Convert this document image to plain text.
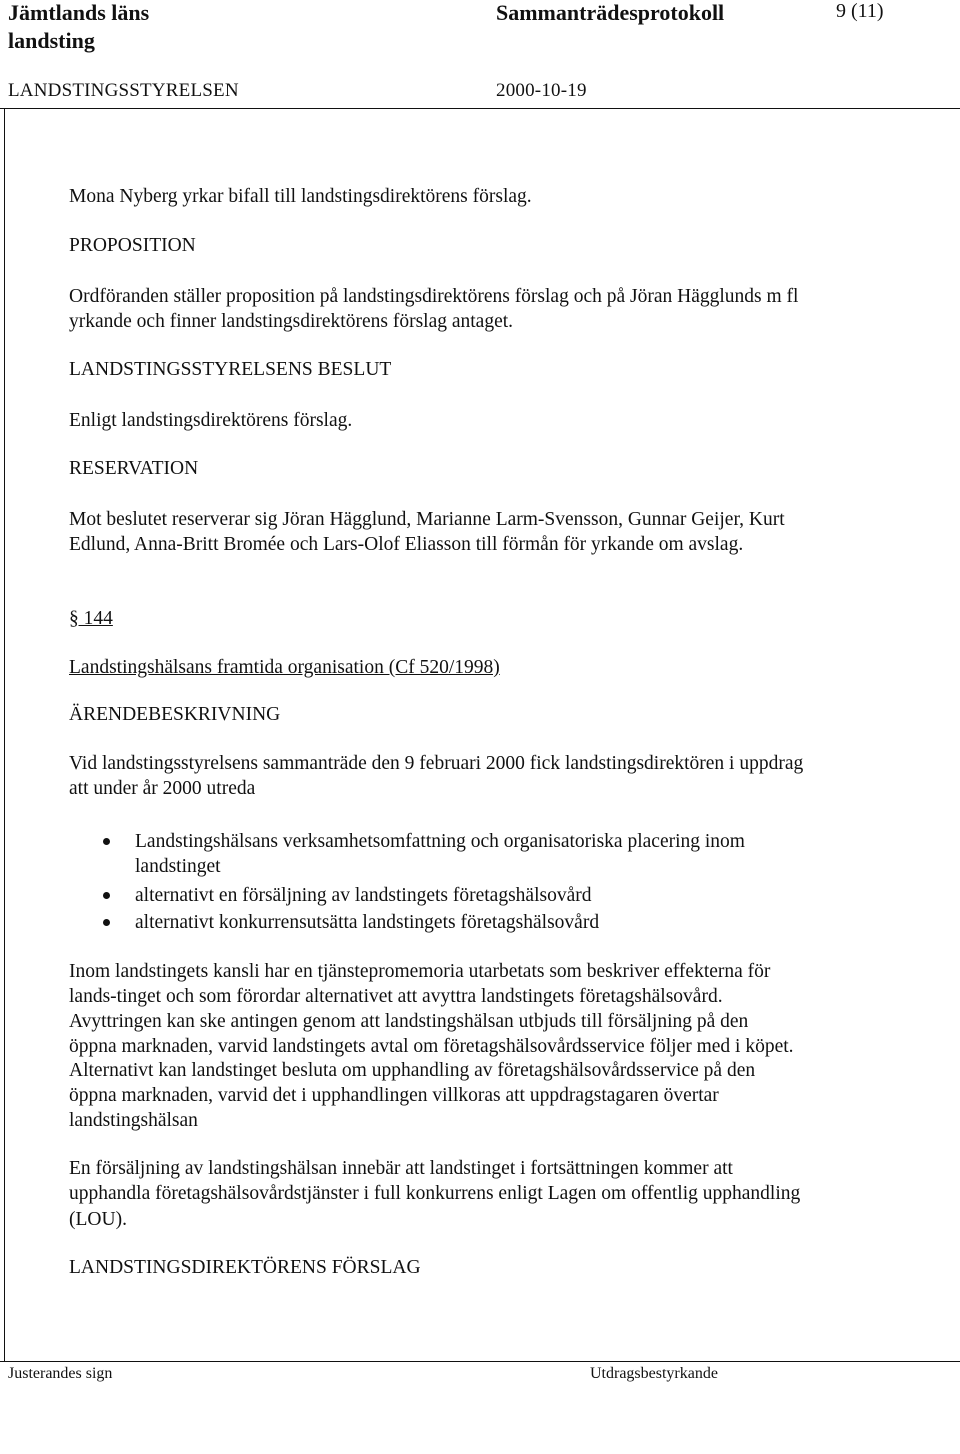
Jämtlands läns
landsting
Sammanträdesprotokoll	9 (11)
LANDSTINGSSTYRELSEN	2000-10-19
Mona Nyberg yrkar bifall till landstingsdirektörens förslag.
PROPOSITION
Ordföranden ställer proposition på landstingsdirektörens förslag och på Jöran Hägglunds m fl
yrkande och finner landstingsdirektörens förslag antaget.
LANDSTINGSSTYRELSENS BESLUT
Enligt landstingsdirektörens förslag.
RESERVATION
Mot beslutet reserverar sig Jöran Hägglund, Marianne Larm-Svensson, Gunnar Geijer, Kurt
Edlund, Anna-Britt Bromée och Lars-Olof Eliasson till förmån för yrkande om avslag.
§ 144
Landstingshälsans framtida organisation (Cf 520/1998)
ÄRENDEBESKRIVNING
Vid landstingsstyrelsens sammanträde den 9 februari 2000 fick landstingsdirektören i uppdrag
att under år 2000 utreda
Landstingshälsans verksamhetsomfattning och organisatoriska placering inom
landstinget
alternativt en försäljning av landstingets företagshälsovård
alternativt konkurrensutsätta landstingets företagshälsovård
Inom landstingets kansli har en tjänstepromemoria utarbetats som beskriver effekterna för
lands-tinget och som förordar alternativet att avyttra landstingets företagshälsovård.
Avyttringen kan ske antingen genom att landstingshälsan utbjuds till försäljning på den
öppna marknaden, varvid landstingets avtal om företagshälsovårdsservice följer med i köpet.
Alternativt kan landstinget besluta om upphandling av företagshälsovårdsservice på den
öppna marknaden, varvid det i upphandlingen villkoras att uppdragstagaren övertar
landstingshälsan
En försäljning av landstingshälsan innebär att landstinget i fortsättningen kommer att
upphandla företagshälsovårdstjänster i full konkurrens enligt Lagen om offentlig upphandling
(LOU).
LANDSTINGSDIREKTÖRENS FÖRSLAG
Justerandes sign	Utdragsbestyrkande
